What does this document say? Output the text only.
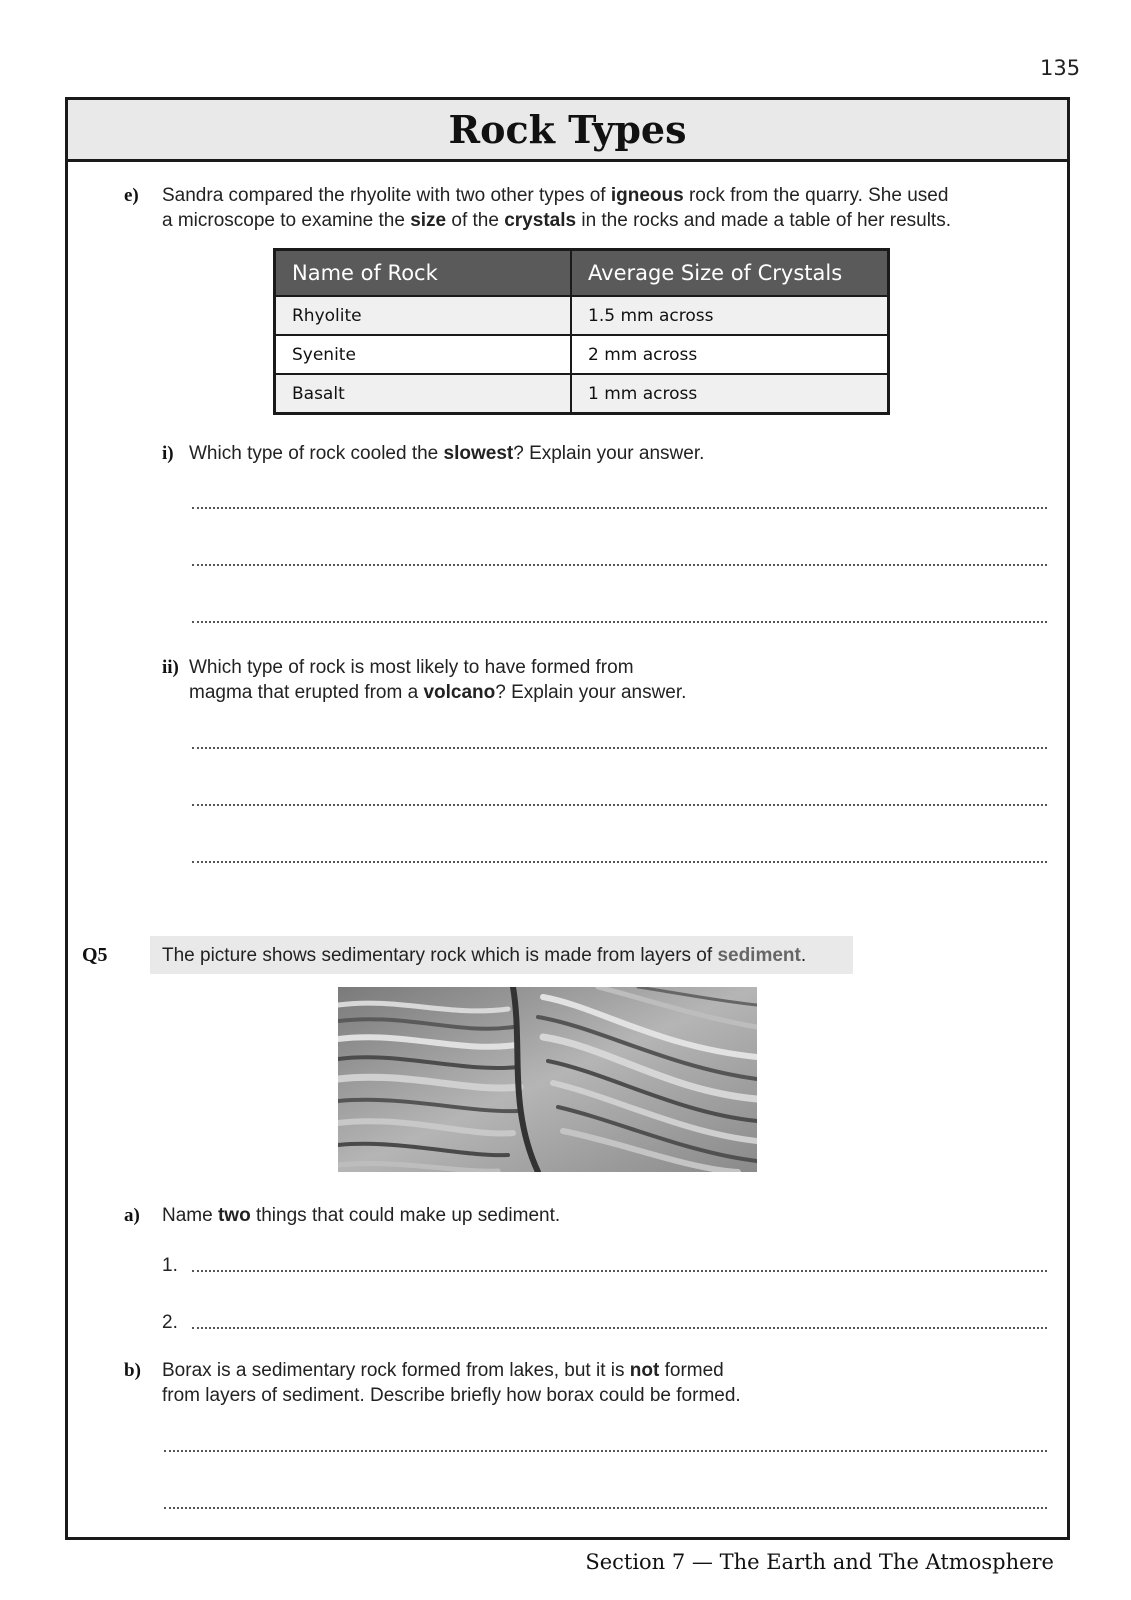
135
Rock Types
e) Sandra compared the rhyolite with two other types of igneous rock from the quarry. She used
a microscope to examine the size of the crystals in the rocks and made a table of her results.
Name of Rock	Average Size of Crystals
Rhyolite	1.5 mm across
Syenite	2 mm across
Basalt	1 mm across
i) Which type of rock cooled the slowest? Explain your answer.
ii) Which type of rock is most likely to have formed from
magma that erupted from a volcano? Explain your answer.
Q5	The picture shows sedimentary rock which is made from layers of sediment.
a) Name two things that could make up sediment.
1.
2.
b) Borax is a sedimentary rock formed from lakes, but it is not formed
from layers of sediment. Describe briefly how borax could be formed.
Section 7 — The Earth and The Atmosphere
